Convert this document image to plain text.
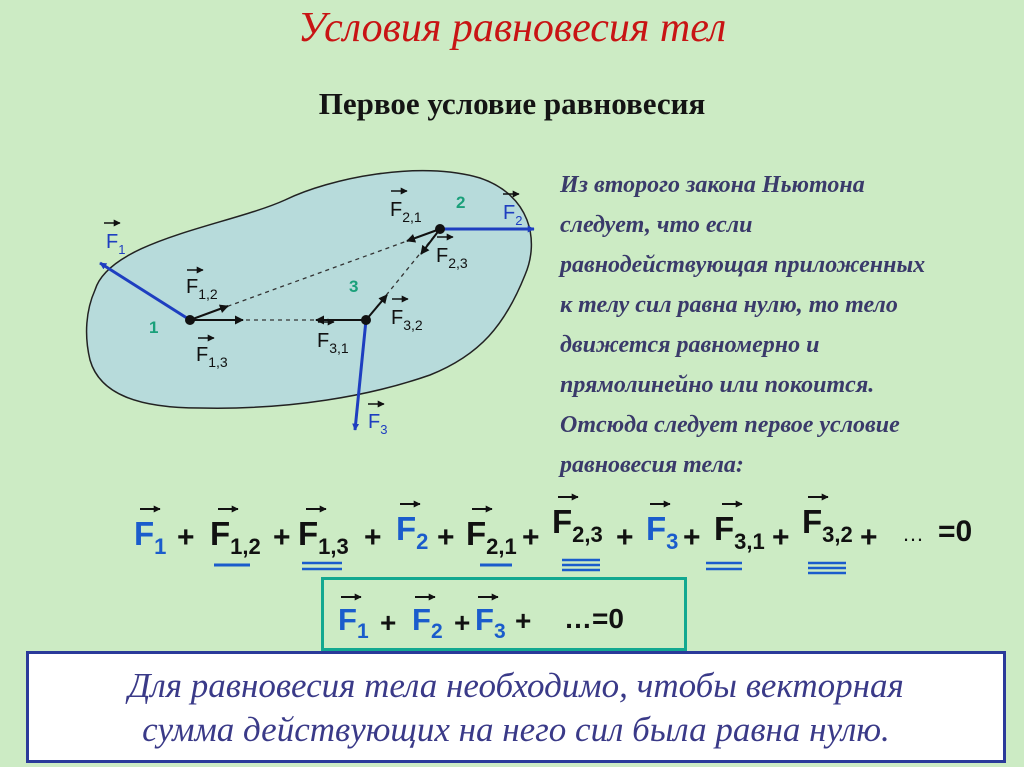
Условия равновесия тел
Первое условие равновесия
1
2
3
$F_1$
$F_2$
$F_3$
$F_{1,2}$
$F_{1,3}$
$F_{2,1}$
$F_{2,3}$
$F_{3,1}$
$F_{3,2}$
Из второго закона Ньютона
следует, что если
равнодействующая приложенных
к телу сил равна нулю, то тело
движется равномерно и
прямолинейно или покоится.
Отсюда следует первое условие
равновесия тела:
Для равновесия тела необходимо, чтобы векторная
сумма действующих на него сил была равна нулю.
$F_1 + F_{1,2} + F_{1,3} + F_2 + F_{2,1} + F_{2,3} + F_3 + F_{3,1} + F_{3,2}$ + … =0
$F_1 + F_2 + F_3$ + …=0
